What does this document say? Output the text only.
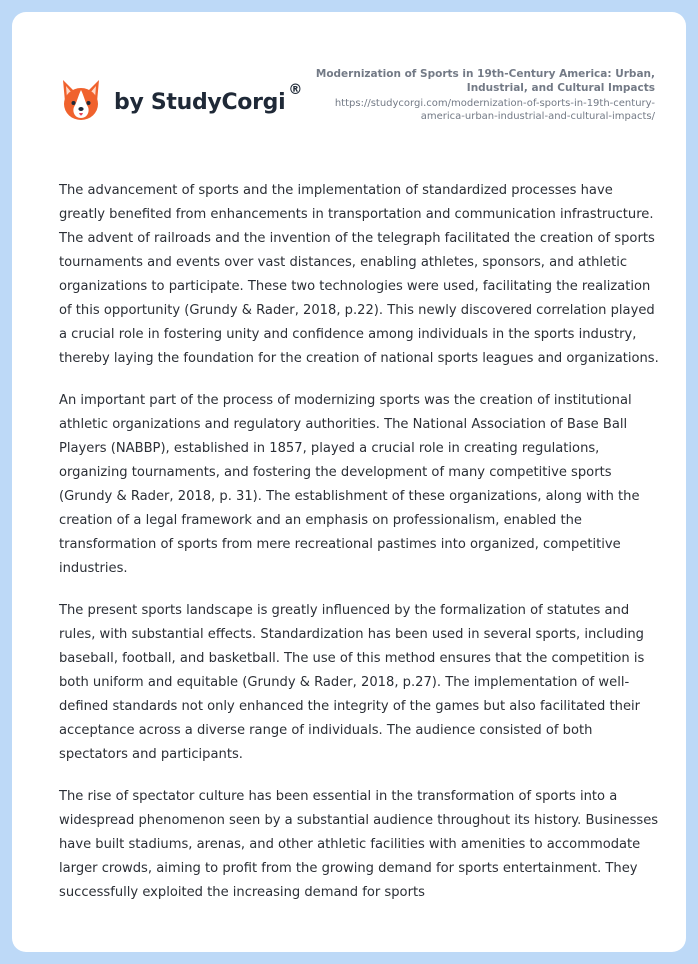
by StudyCorgi ®
Modernization of Sports in 19th-Century America: Urban, Industrial, and Cultural Impacts
https://studycorgi.com/modernization-of-sports-in-19th-century-america-urban-industrial-and-cultural-impacts/

The advancement of sports and the implementation of standardized processes have greatly benefited from enhancements in transportation and communication infrastructure. The advent of railroads and the invention of the telegraph facilitated the creation of sports tournaments and events over vast distances, enabling athletes, sponsors, and athletic organizations to participate. These two technologies were used, facilitating the realization of this opportunity (Grundy & Rader, 2018, p.22). This newly discovered correlation played a crucial role in fostering unity and confidence among individuals in the sports industry, thereby laying the foundation for the creation of national sports leagues and organizations.

An important part of the process of modernizing sports was the creation of institutional athletic organizations and regulatory authorities. The National Association of Base Ball Players (NABBP), established in 1857, played a crucial role in creating regulations, organizing tournaments, and fostering the development of many competitive sports (Grundy & Rader, 2018, p. 31). The establishment of these organizations, along with the creation of a legal framework and an emphasis on professionalism, enabled the transformation of sports from mere recreational pastimes into organized, competitive industries.

The present sports landscape is greatly influenced by the formalization of statutes and rules, with substantial effects. Standardization has been used in several sports, including baseball, football, and basketball. The use of this method ensures that the competition is both uniform and equitable (Grundy & Rader, 2018, p.27). The implementation of well-defined standards not only enhanced the integrity of the games but also facilitated their acceptance across a diverse range of individuals. The audience consisted of both spectators and participants.

The rise of spectator culture has been essential in the transformation of sports into a widespread phenomenon seen by a substantial audience throughout its history. Businesses have built stadiums, arenas, and other athletic facilities with amenities to accommodate larger crowds, aiming to profit from the growing demand for sports entertainment. They successfully exploited the increasing demand for sports
